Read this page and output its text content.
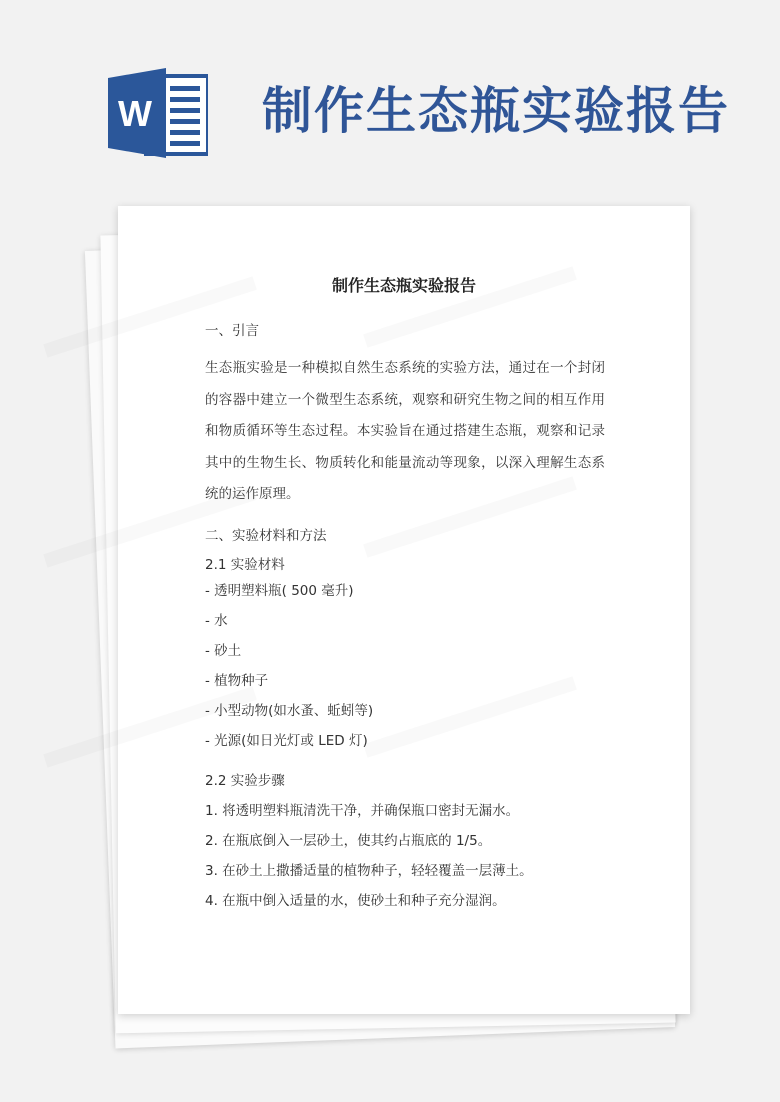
W 制作生态瓶实验报告
制作生态瓶实验报告

一、引言

生态瓶实验是一种模拟自然生态系统的实验方法，通过在一个封闭的容器中建立一个微型生态系统，观察和研究生物之间的相互作用和物质循环等生态过程。本实验旨在通过搭建生态瓶，观察和记录其中的生物生长、物质转化和能量流动等现象，以深入理解生态系统的运作原理。

二、实验材料和方法

2.1 实验材料

- 透明塑料瓶( 500 毫升)

- 水

- 砂土

- 植物种子

- 小型动物(如水蚤、蚯蚓等)

- 光源(如日光灯或 LED 灯)

2.2 实验步骤

1. 将透明塑料瓶清洗干净，并确保瓶口密封无漏水。

2. 在瓶底倒入一层砂土，使其约占瓶底的 1/5。

3. 在砂土上撒播适量的植物种子，轻轻覆盖一层薄土。

4. 在瓶中倒入适量的水，使砂土和种子充分湿润。
